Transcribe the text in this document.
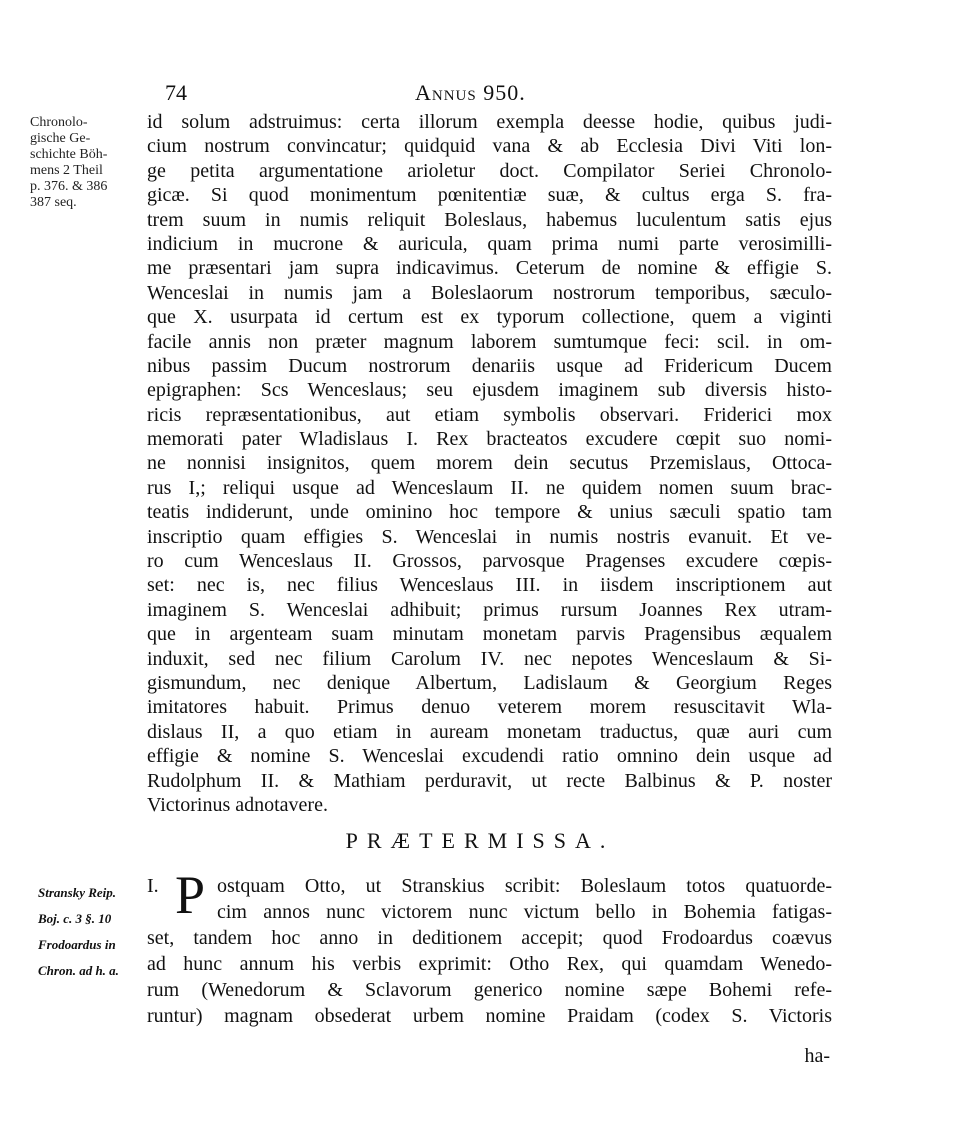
74	Annus 950.
Chronolo-
gische Ge-
schichte Böh-
mens 2 Theil
p. 376. & 386
387 seq.
id solum adstruimus: certa illorum exempla deesse hodie, quibus judi-
cium nostrum convincatur; quidquid vana & ab Ecclesia Divi Viti lon-
ge petita argumentatione arioletur doct. Compilator Seriei Chronolo-
gicæ. Si quod monimentum pœnitentiæ suæ, & cultus erga S. fra-
trem suum in numis reliquit Boleslaus, habemus luculentum satis ejus
indicium in mucrone & auricula, quam prima numi parte verosimilli-
me præsentari jam supra indicavimus. Ceterum de nomine & effigie S.
Wenceslai in numis jam a Boleslaorum nostrorum temporibus, sæculo-
que X. usurpata id certum est ex typorum collectione, quem a viginti
facile annis non præter magnum laborem sumtumque feci: scil. in om-
nibus passim Ducum nostrorum denariis usque ad Fridericum Ducem
epigraphen: Scs Wenceslaus; seu ejusdem imaginem sub diversis histo-
ricis repræsentationibus, aut etiam symbolis observari. Friderici mox
memorati pater Wladislaus I. Rex bracteatos excudere cœpit suo nomi-
ne nonnisi insignitos, quem morem dein secutus Przemislaus, Ottoca-
rus I,; reliqui usque ad Wenceslaum II. ne quidem nomen suum brac-
teatis indiderunt, unde ominino hoc tempore & unius sæculi spatio tam
inscriptio quam effigies S. Wenceslai in numis nostris evanuit. Et ve-
ro cum Wenceslaus II. Grossos, parvosque Pragenses excudere cœpis-
set: nec is, nec filius Wenceslaus III. in iisdem inscriptionem aut
imaginem S. Wenceslai adhibuit; primus rursum Joannes Rex utram-
que in argenteam suam minutam monetam parvis Pragensibus æqualem
induxit, sed nec filium Carolum IV. nec nepotes Wenceslaum & Si-
gismundum, nec denique Albertum, Ladislaum & Georgium Reges
imitatores habuit. Primus denuo veterem morem resuscitavit Wla-
dislaus II, a quo etiam in auream monetam traductus, quæ auri cum
effigie & nomine S. Wenceslai excudendi ratio omnino dein usque ad
Rudolphum II. & Mathiam perduravit, ut recte Balbinus & P. noster
Victorinus adnotavere.
PRÆTERMISSA.
Stransky Reip.
Boj. c. 3 §. 10
Frodoardus in
Chron. ad h. a.
I. P ostquam Otto, ut Stranskius scribit: Boleslaum totos quatuorde-
cim annos nunc victorem nunc victum bello in Bohemia fatigas-
set, tandem hoc anno in deditionem accepit; quod Frodoardus coævus
ad hunc annum his verbis exprimit: Otho Rex, qui quamdam Wenedo-
rum (Wenedorum & Sclavorum generico nomine sæpe Bohemi refe-
runtur) magnam obsederat urbem nomine Praidam (codex S. Victoris
ha-
